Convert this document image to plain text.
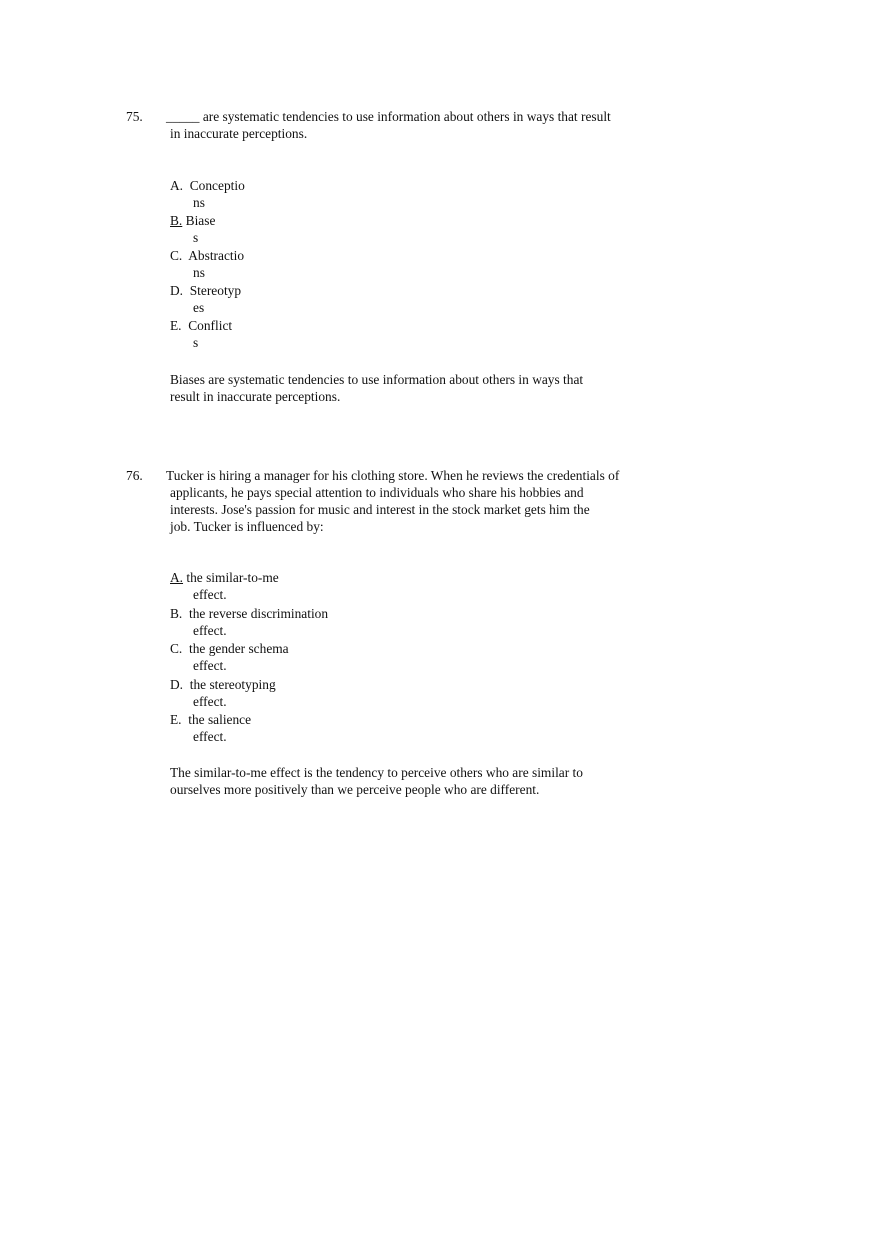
75. _____ are systematic tendencies to use information about others in ways that result
in inaccurate perceptions.
A. Conceptio
ns
B. Biase
s
C. Abstractio
ns
D. Stereotyp
es
E. Conflict
s
Biases are systematic tendencies to use information about others in ways that
result in inaccurate perceptions.
76. Tucker is hiring a manager for his clothing store. When he reviews the credentials of
applicants, he pays special attention to individuals who share his hobbies and
interests. Jose's passion for music and interest in the stock market gets him the
job. Tucker is influenced by:
A. the similar-to-me
effect.
B. the reverse discrimination
effect.
C. the gender schema
effect.
D. the stereotyping
effect.
E. the salience
effect.
The similar-to-me effect is the tendency to perceive others who are similar to
ourselves more positively than we perceive people who are different.
